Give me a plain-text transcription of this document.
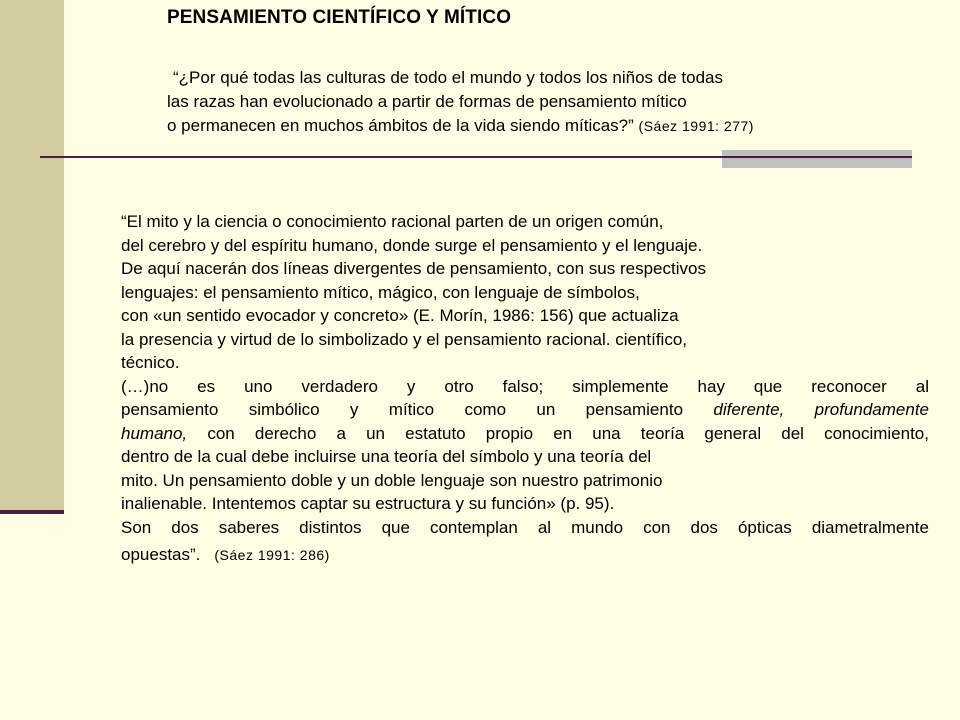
PENSAMIENTO CIENTÍFICO Y MÍTICO
“¿Por qué todas las culturas de todo el mundo y todos los niños de todas
las razas han evolucionado a partir de formas de pensamiento mítico
o permanecen en muchos ámbitos de la vida siendo míticas?” (Sáez 1991: 277)
“El mito y la ciencia o conocimiento racional parten de un origen común,
del cerebro y del espíritu humano, donde surge el pensamiento y el lenguaje.
De aquí nacerán dos líneas divergentes de pensamiento, con sus respectivos
lenguajes: el pensamiento mítico, mágico, con lenguaje de símbolos,
con «un sentido evocador y concreto» (E. Morín, 1986: 156) que actualiza
la presencia y virtud de lo simbolizado y el pensamiento racional. científico,
técnico.
(…)no es uno verdadero y otro falso; simplemente hay que reconocer al
pensamiento simbólico y mítico como un pensamiento diferente, profundamente
humano, con derecho a un estatuto propio en una teoría general del conocimiento,
dentro de la cual debe incluirse una teoría del símbolo y una teoría del
mito. Un pensamiento doble y un doble lenguaje son nuestro patrimonio
inalienable. Intentemos captar su estructura y su función» (p. 95).
Son dos saberes distintos que contemplan al mundo con dos ópticas diametralmente
opuestas”. (Sáez 1991: 286)
